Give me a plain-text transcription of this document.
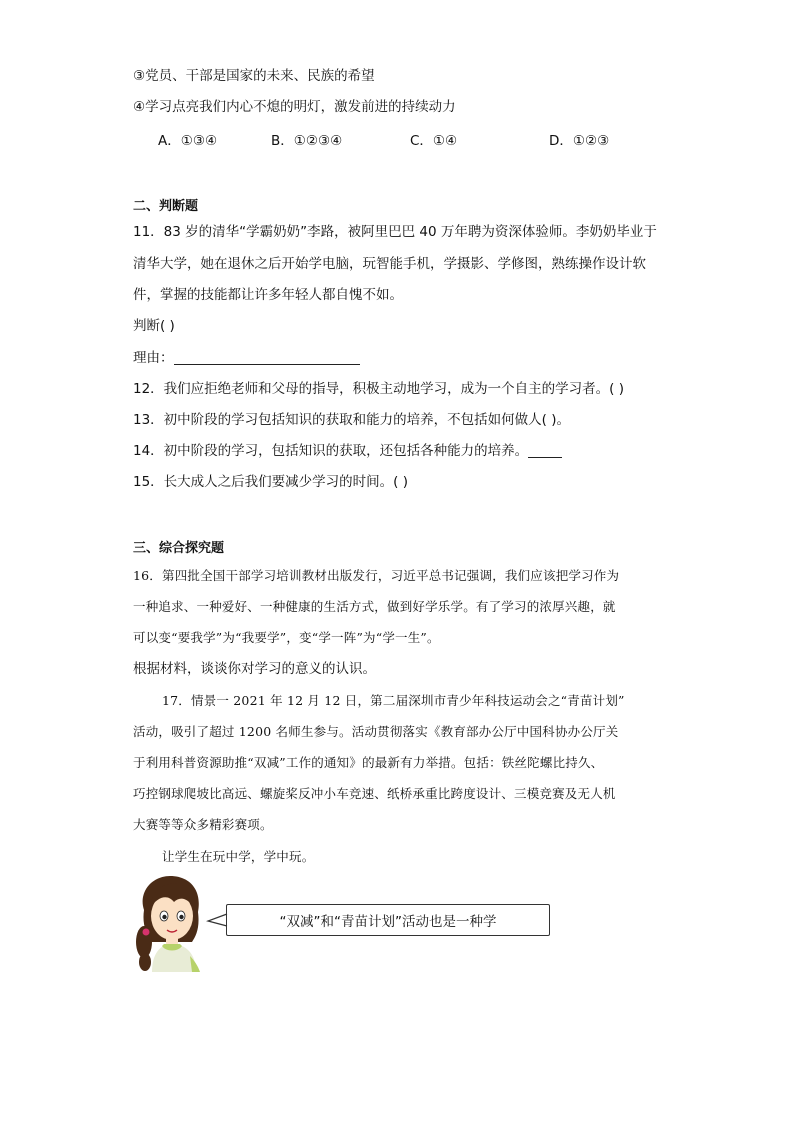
③党员、干部是国家的未来、民族的希望
④学习点亮我们内心不熄的明灯，激发前进的持续动力
A．①③④	B．①②③④	C．①④	D．①②③
二、判断题
11．83 岁的清华“学霸奶奶”李路，被阿里巴巴 40 万年聘为资深体验师。李奶奶毕业于
清华大学，她在退休之后开始学电脑，玩智能手机，学摄影、学修图，熟练操作设计软
件，掌握的技能都让许多年轻人都自愧不如。
判断( )
理由：
12．我们应拒绝老师和父母的指导，积极主动地学习，成为一个自主的学习者。( )
13．初中阶段的学习包括知识的获取和能力的培养，不包括如何做人( )。
14．初中阶段的学习，包括知识的获取，还包括各种能力的培养。
15．长大成人之后我们要减少学习的时间。( )
三、综合探究题
16．第四批全国干部学习培训教材出版发行，习近平总书记强调，我们应该把学习作为
一种追求、一种爱好、一种健康的生活方式，做到好学乐学。有了学习的浓厚兴趣，就
可以变“要我学”为“我要学”，变“学一阵”为“学一生”。
根据材料，谈谈你对学习的意义的认识。
17．情景一 2021 年 12 月 12 日，第二届深圳市青少年科技运动会之“青苗计划”
活动，吸引了超过 1200 名师生参与。活动贯彻落实《教育部办公厅中国科协办公厅关
于利用科普资源助推“双减”工作的通知》的最新有力举措。包括：铁丝陀螺比持久、
巧控钢球爬坡比高远、螺旋桨反冲小车竞速、纸桥承重比跨度设计、三模竞赛及无人机
大赛等等众多精彩赛项。
让学生在玩中学，学中玩。
“双减”和“青苗计划”活动也是一种学
